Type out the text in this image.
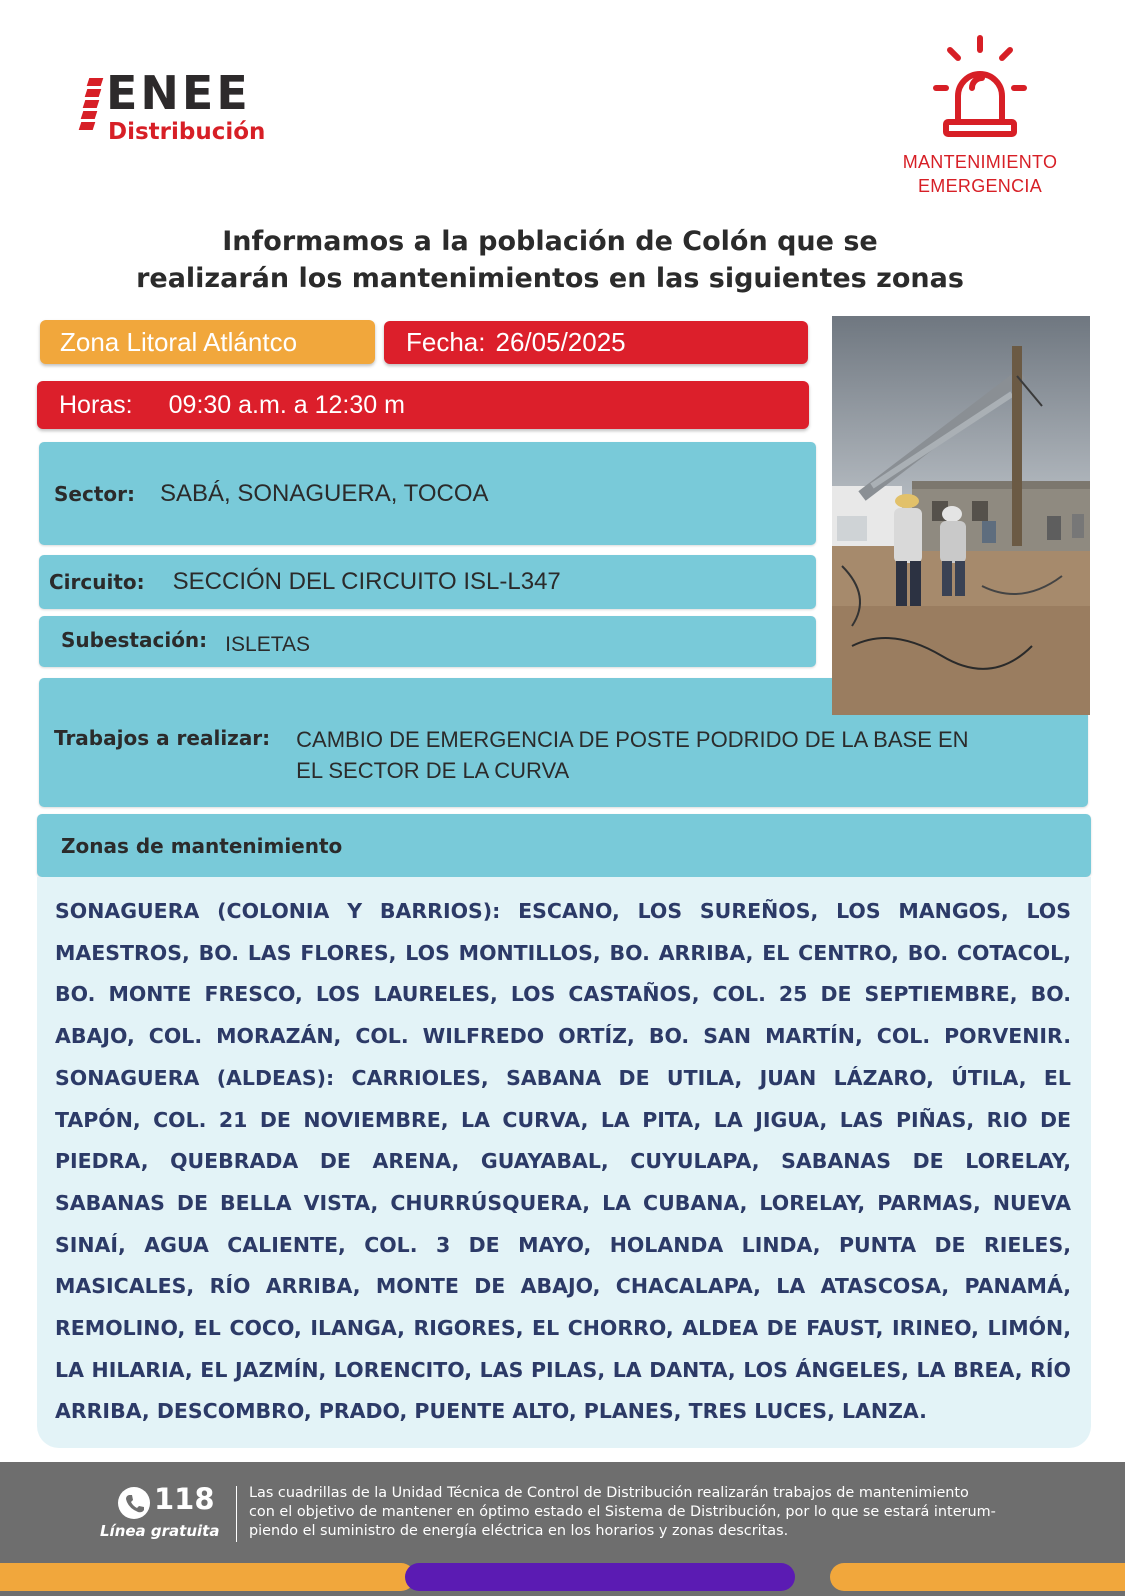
ENEE
Distribución
MANTENIMIENTO
EMERGENCIA
Informamos a la población de Colón que se
realizarán los mantenimientos en las siguientes zonas
Zona Litoral Atlántco	Fecha: 26/05/2025
Horas: 09:30 a.m. a 12:30 m
Sector: SABÁ, SONAGUERA, TOCOA
Circuito: SECCIÓN DEL CIRCUITO ISL-L347
Subestación: ISLETAS
Trabajos a realizar: CAMBIO DE EMERGENCIA DE POSTE PODRIDO DE LA BASE EN EL SECTOR DE LA CURVA
Zonas de mantenimiento
SONAGUERA (COLONIA Y BARRIOS): ESCANO, LOS SUREÑOS, LOS MANGOS, LOS MAESTROS, BO. LAS FLORES, LOS MONTILLOS, BO. ARRIBA, EL CENTRO, BO. COTACOL, BO. MONTE FRESCO, LOS LAURELES, LOS CASTAÑOS, COL. 25 DE SEPTIEMBRE, BO. ABAJO, COL. MORAZÁN, COL. WILFREDO ORTÍZ, BO. SAN MARTÍN, COL. PORVENIR. SONAGUERA (ALDEAS): CARRIOLES, SABANA DE UTILA, JUAN LÁZARO, ÚTILA, EL TAPÓN, COL. 21 DE NOVIEMBRE, LA CURVA, LA PITA, LA JIGUA, LAS PIÑAS, RIO DE PIEDRA, QUEBRADA DE ARENA, GUAYABAL, CUYULAPA, SABANAS DE LORELAY, SABANAS DE BELLA VISTA, CHURRÚSQUERA, LA CUBANA, LORELAY, PARMAS, NUEVA SINAÍ, AGUA CALIENTE, COL. 3 DE MAYO, HOLANDA LINDA, PUNTA DE RIELES, MASICALES, RÍO ARRIBA, MONTE DE ABAJO, CHACALAPA, LA ATASCOSA, PANAMÁ, REMOLINO, EL COCO, ILANGA, RIGORES, EL CHORRO, ALDEA DE FAUST, IRINEO, LIMÓN, LA HILARIA, EL JAZMÍN, LORENCITO, LAS PILAS, LA DANTA, LOS ÁNGELES, LA BREA, RÍO ARRIBA, DESCOMBRO, PRADO, PUENTE ALTO, PLANES, TRES LUCES, LANZA.
118
Línea gratuita
Las cuadrillas de la Unidad Técnica de Control de Distribución realizarán trabajos de mantenimiento
con el objetivo de mantener en óptimo estado el Sistema de Distribución, por lo que se estará interum-
piendo el suministro de energía eléctrica en los horarios y zonas descritas.
